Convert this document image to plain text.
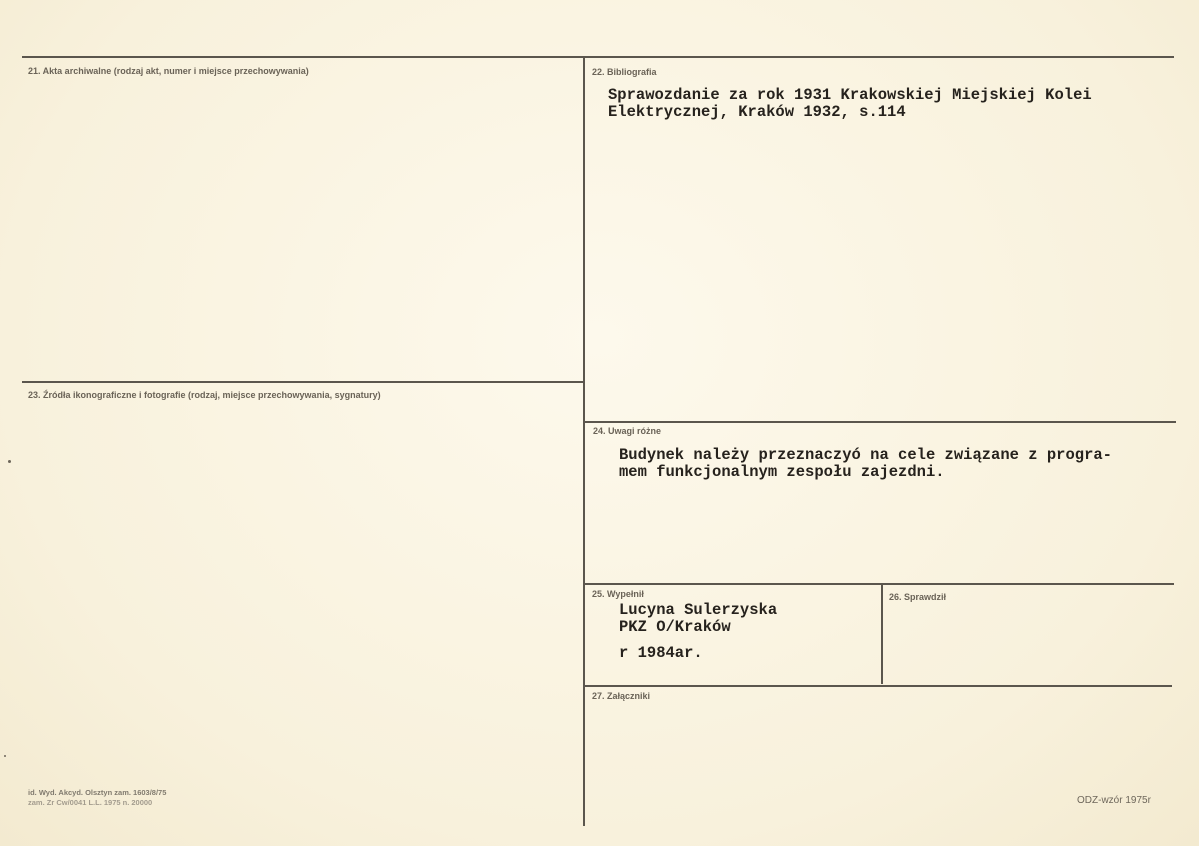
21. Akta archiwalne (rodzaj akt, numer i miejsce przechowywania)	22. Bibliografia
Sprawozdanie za rok 1931 Krakowskiej Miejskiej Kolei
Elektrycznej, Kraków 1932, s.114
23. Źródła ikonograficzne i fotografie (rodzaj, miejsce przechowywania, sygnatury)
24. Uwagi różne
Budynek należy przeznaczyó na cele związane z progra-
mem funkcjonalnym zespołu zajezdni.
25. Wypełnił
Lucyna Sulerzyska
PKZ O/Kraków
r 1984ar.
26. Sprawdził
27. Załączniki
id. Wyd. Akcyd. Olsztyn zam. 1603/8/75
zam. Zr Cw/0041 L.L. 1975 n. 20000	ODZ-wzór 1975r
